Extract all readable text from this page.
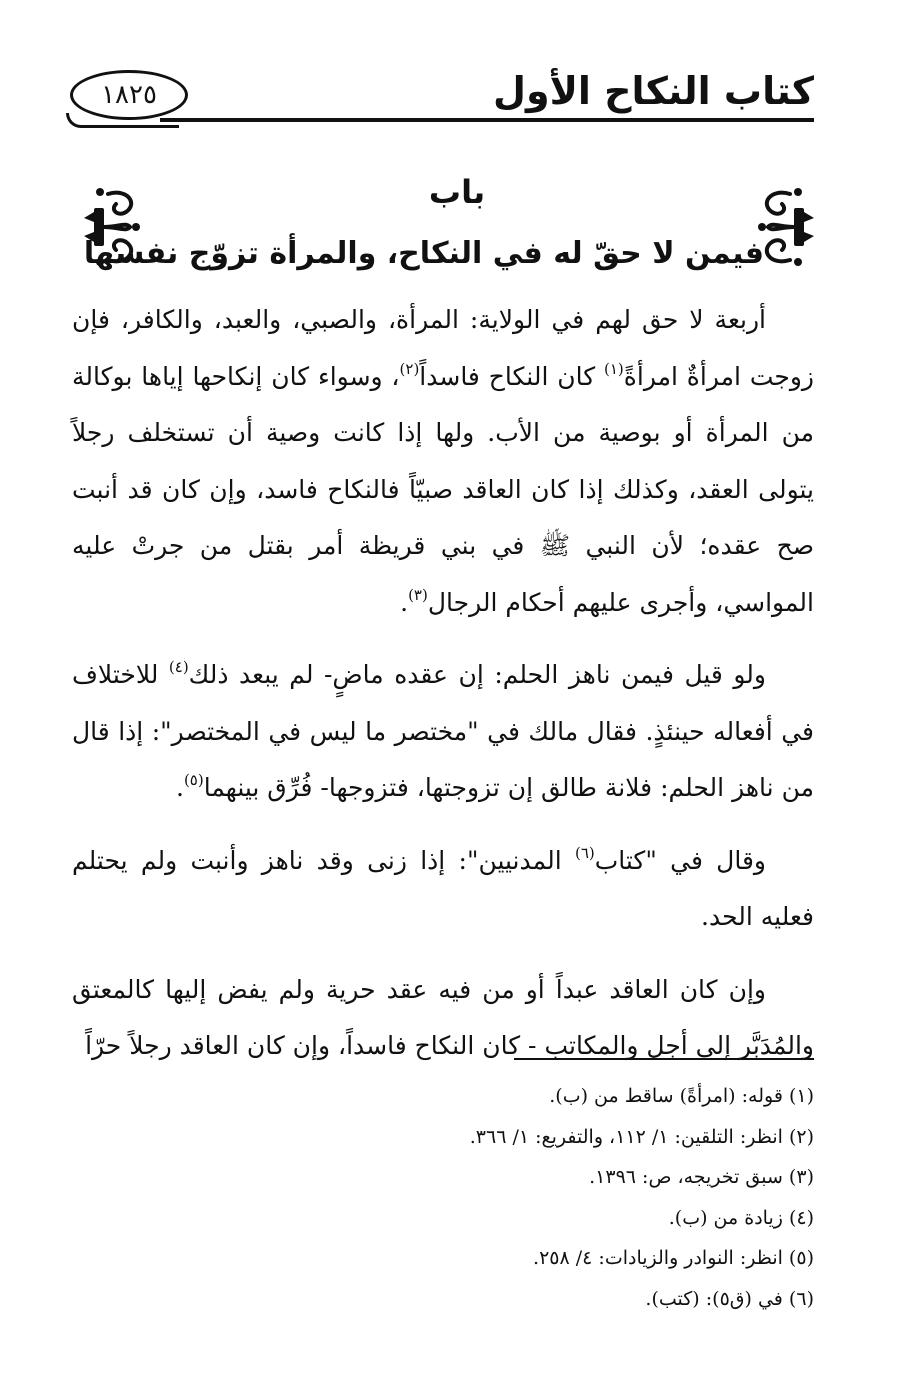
كتاب النكاح الأول
١٨٢٥
باب
فيمن لا حقّ له في النكاح، والمرأة تزوّج نفسها

أربعة لا حق لهم في الولاية: المرأة، والصبي، والعبد، والكافر، فإن زوجت امرأةٌ امرأةً$^{(١)}$ كان النكاح فاسداً$^{(٢)}$، وسواء كان إنكاحها إياها بوكالة من المرأة أو بوصية من الأب. ولها إذا كانت وصية أن تستخلف رجلاً يتولى العقد، وكذلك إذا كان العاقد صبيّاً فالنكاح فاسد، وإن كان قد أنبت صح عقده؛ لأن النبي ﷺ في بني قريظة أمر بقتل من جرتْ عليه المواسي، وأجرى عليهم أحكام الرجال$^{(٣)}$.

ولو قيل فيمن ناهز الحلم: إن عقده ماضٍ- لم يبعد ذلك$^{(٤)}$ للاختلاف في أفعاله حينئذٍ. فقال مالك في "مختصر ما ليس في المختصر": إذا قال من ناهز الحلم: فلانة طالق إن تزوجتها، فتزوجها- فُرِّق بينهما$^{(٥)}$.

وقال في "كتاب$^{(٦)}$ المدنيين": إذا زنى وقد ناهز وأنبت ولم يحتلم فعليه الحد.

وإن كان العاقد عبداً أو من فيه عقد حرية ولم يفض إليها كالمعتق والمُدَبَّر إلى أجل والمكاتب - كان النكاح فاسداً، وإن كان العاقد رجلاً حرّاً

(١) قوله: (امرأةً) ساقط من (ب).
(٢) انظر: التلقين: ١/ ١١٢، والتفريع: ١/ ٣٦٦.
(٣) سبق تخريجه، ص: ١٣٩٦.
(٤) زيادة من (ب).
(٥) انظر: النوادر والزيادات: ٤/ ٢٥٨.
(٦) في (ق٥): (كتب).
